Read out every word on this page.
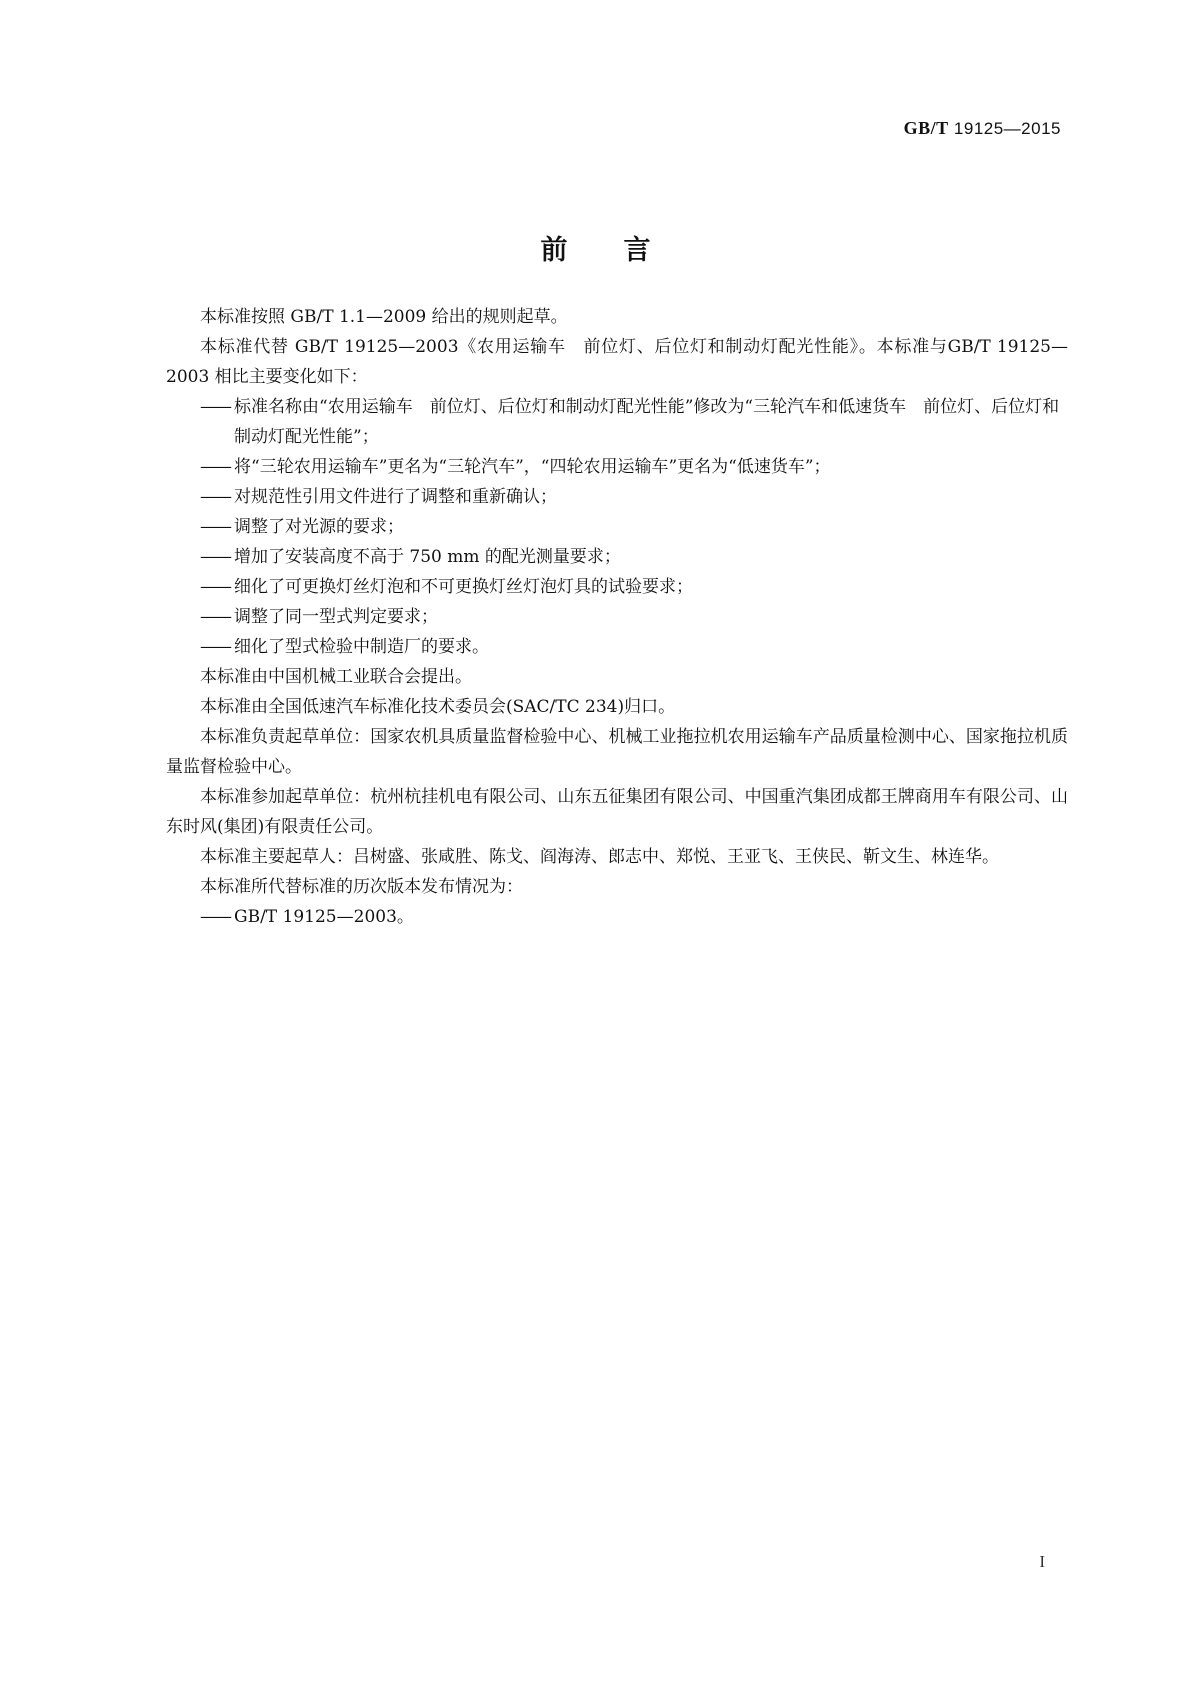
GB/T 19125—2015
前言

本标准按照 GB/T 1.1—2009 给出的规则起草。

本标准代替 GB/T 19125—2003《农用运输车　前位灯、后位灯和制动灯配光性能》。本标准与GB/T 19125—2003 相比主要变化如下：

—— 标准名称由“农用运输车　前位灯、后位灯和制动灯配光性能”修改为“三轮汽车和低速货车　前位灯、后位灯和制动灯配光性能”；

—— 将“三轮农用运输车”更名为“三轮汽车”，“四轮农用运输车”更名为“低速货车”；

—— 对规范性引用文件进行了调整和重新确认；

—— 调整了对光源的要求；

—— 增加了安装高度不高于 750 mm 的配光测量要求；

—— 细化了可更换灯丝灯泡和不可更换灯丝灯泡灯具的试验要求；

—— 调整了同一型式判定要求；

—— 细化了型式检验中制造厂的要求。

本标准由中国机械工业联合会提出。

本标准由全国低速汽车标准化技术委员会(SAC/TC 234)归口。

本标准负责起草单位：国家农机具质量监督检验中心、机械工业拖拉机农用运输车产品质量检测中心、国家拖拉机质量监督检验中心。

本标准参加起草单位：杭州杭挂机电有限公司、山东五征集团有限公司、中国重汽集团成都王牌商用车有限公司、山东时风(集团)有限责任公司。

本标准主要起草人：吕树盛、张咸胜、陈戈、阎海涛、郎志中、郑悦、王亚飞、王侠民、靳文生、林连华。

本标准所代替标准的历次版本发布情况为：

—— GB/T 19125—2003。

I
